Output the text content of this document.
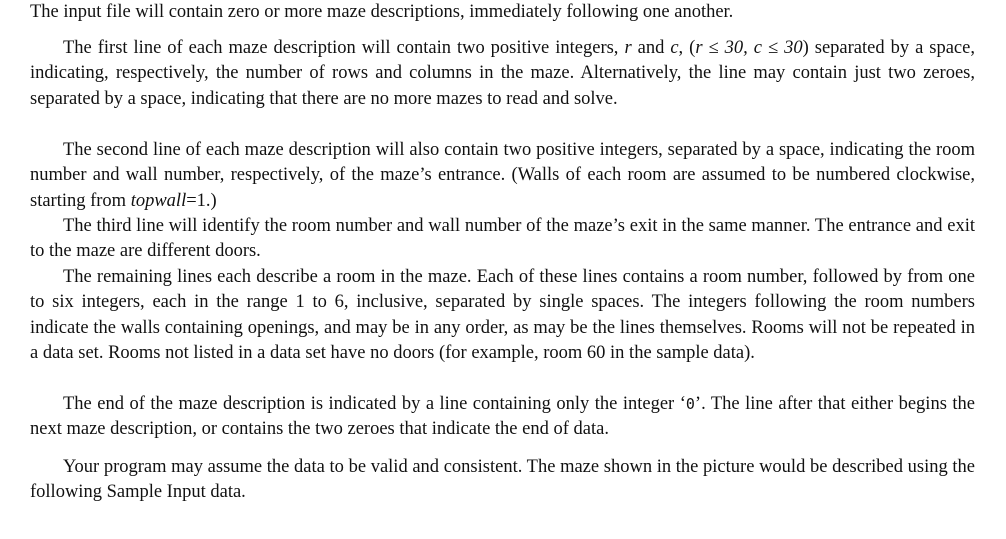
The input file will contain zero or more maze descriptions, immediately following one another.

The first line of each maze description will contain two positive integers, r and c, (r ≤ 30, c ≤ 30) separated by a space, indicating, respectively, the number of rows and columns in the maze. Alternatively, the line may contain just two zeroes, separated by a space, indicating that there are no more mazes to read and solve.

The second line of each maze description will also contain two positive integers, separated by a space, indicating the room number and wall number, respectively, of the maze’s entrance. (Walls of each room are assumed to be numbered clockwise, starting from topwall=1.)

The third line will identify the room number and wall number of the maze’s exit in the same manner. The entrance and exit to the maze are different doors.

The remaining lines each describe a room in the maze. Each of these lines contains a room number, followed by from one to six integers, each in the range 1 to 6, inclusive, separated by single spaces. The integers following the room numbers indicate the walls containing openings, and may be in any order, as may be the lines themselves. Rooms will not be repeated in a data set. Rooms not listed in a data set have no doors (for example, room 60 in the sample data).

The end of the maze description is indicated by a line containing only the integer ‘0’. The line after that either begins the next maze description, or contains the two zeroes that indicate the end of data.

Your program may assume the data to be valid and consistent. The maze shown in the picture would be described using the following Sample Input data.
